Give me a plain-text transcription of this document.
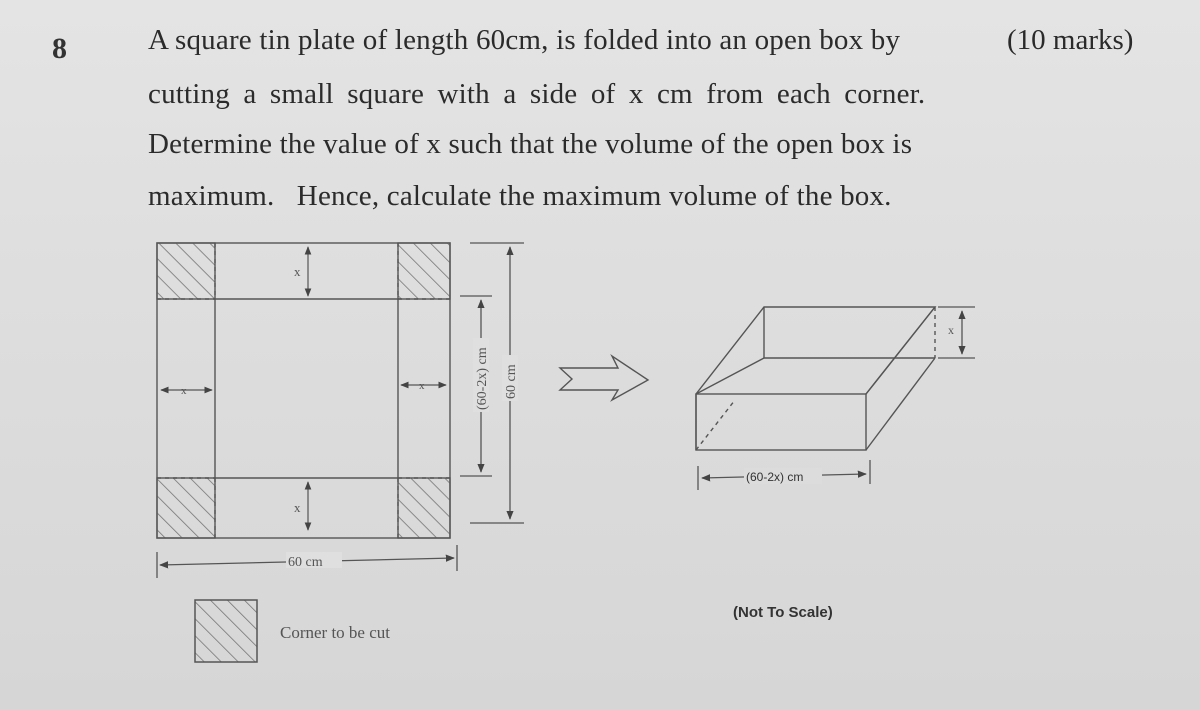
8	A square tin plate of length 60cm, is folded into an open box by	(10 marks)
cutting a small square with a side of x cm from each corner.
Determine the value of x such that the volume of the open box is
maximum.   Hence, calculate the maximum volume of the box.
x
x
x	x
60 cm
(60-2x) cm 60 cm
x
(60-2x) cm
Corner to be cut
(Not To Scale)
